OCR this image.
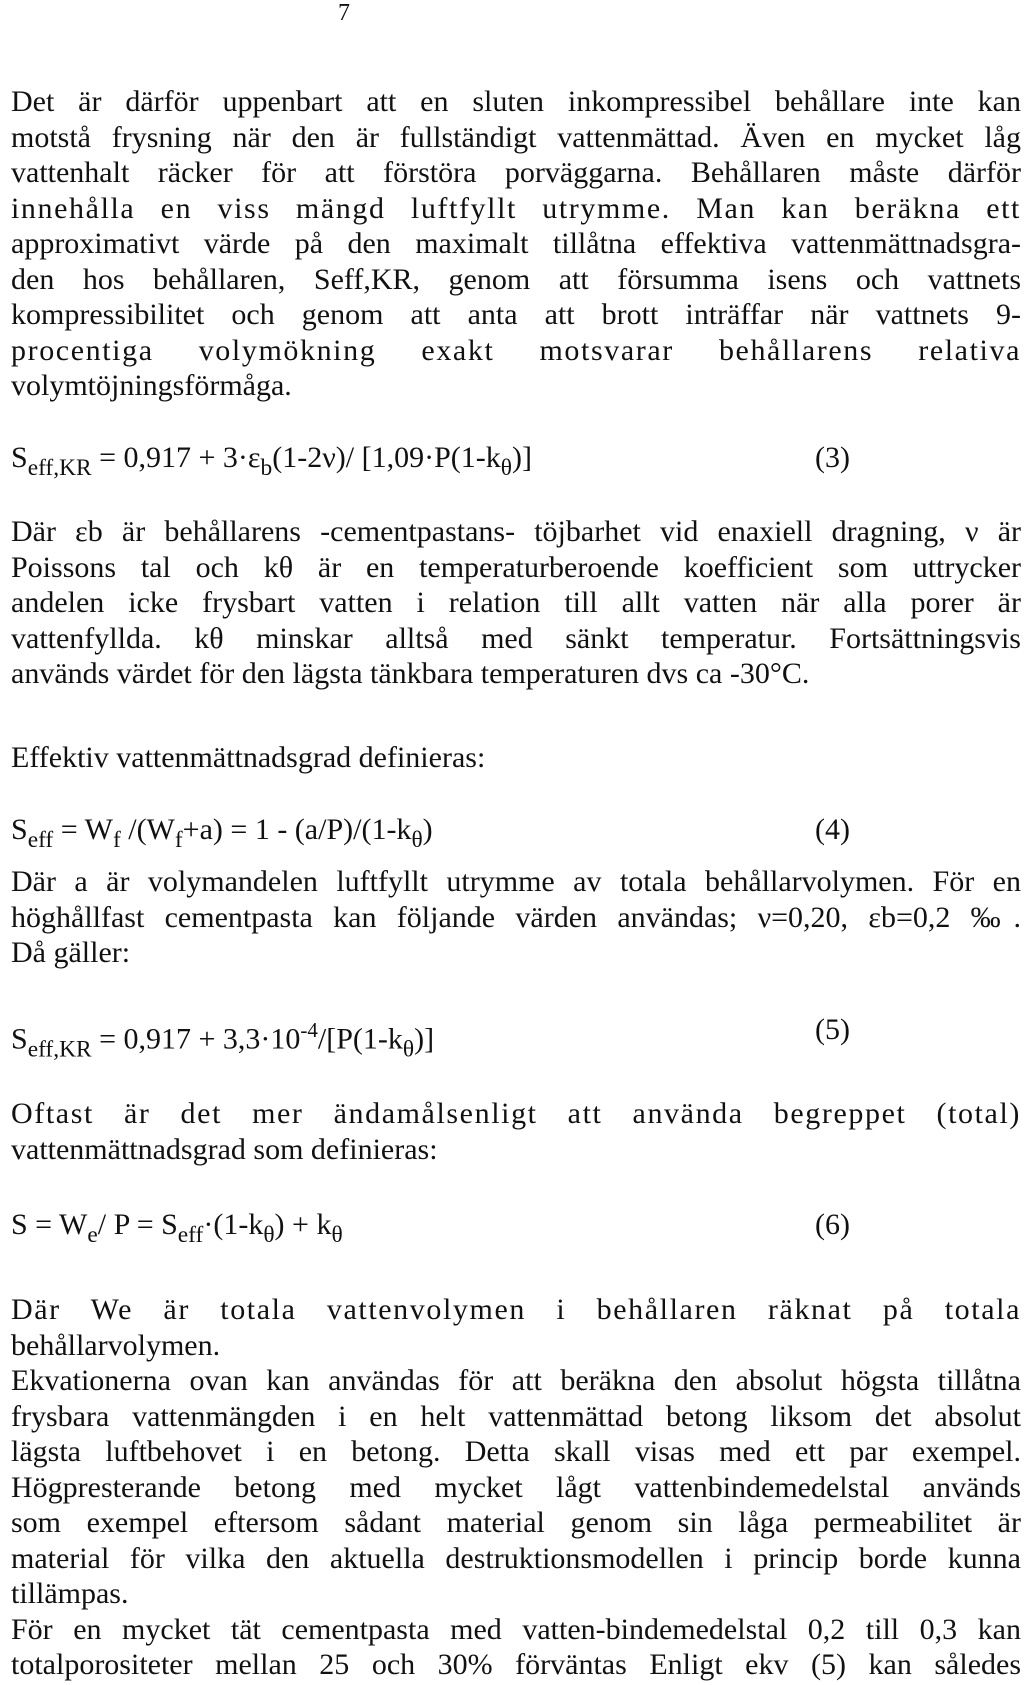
7

Det är därför uppenbart att en sluten inkompressibel behållare inte kan

motstå frysning när den är fullständigt vattenmättad. Även en mycket låg

vattenhalt räcker för att förstöra porväggarna. Behållaren måste därför

innehålla en viss mängd luftfyllt utrymme. Man kan beräkna ett

approximativt värde på den maximalt tillåtna effektiva vattenmättnadsgra-

den hos behållaren, Seff,KR, genom att försumma isens och vattnets

kompressibilitet och genom att anta att brott inträffar när vattnets 9-

procentiga volymökning exakt motsvarar behållarens relativa

volymtöjningsförmåga.

$S_{eff,KR} = 0,917 + 3\cdot\varepsilon_b(1-2\nu)/$ $[1,09\cdot P(1-k_\theta)]$	(3)

Där εb är behållarens -cementpastans- töjbarhet vid enaxiell dragning, ν är

Poissons tal och kθ är en temperaturberoende koefficient som uttrycker

andelen icke frysbart vatten i relation till allt vatten när alla porer är

vattenfyllda. kθ minskar alltså med sänkt temperatur. Fortsättningsvis

används värdet för den lägsta tänkbara temperaturen dvs ca -30°C.

Effektiv vattenmättnadsgrad definieras:
$S_{eff} = W_f$ $/(W_f+a) = 1 - (a/P)/(1-k_\theta)$	(4)

Där a är volymandelen luftfyllt utrymme av totala behållarvolymen. För en

höghållfast cementpasta kan följande värden användas; ν=0,20, εb=0,2 ‰.

Då gäller:

$S_{eff,KR} = 0,917 + 3,3\cdot 10^{-4}/[P(1-k_\theta)]$	(5)

Oftast är det mer ändamålsenligt att använda begreppet (total)

vattenmättnadsgrad som definieras:

$S = W_e/$ $P = S_{eff}\cdot(1-k_\theta) + k_\theta$	(6)

Där We är totala vattenvolymen i behållaren räknat på totala

behållarvolymen.

Ekvationerna ovan kan användas för att beräkna den absolut högsta tillåtna

frysbara vattenmängden i en helt vattenmättad betong liksom det absolut

lägsta luftbehovet i en betong. Detta skall visas med ett par exempel.

Högpresterande betong med mycket lågt vattenbindemedelstal används

som exempel eftersom sådant material genom sin låga permeabilitet är

material för vilka den aktuella destruktionsmodellen i princip borde kunna

tillämpas.

För en mycket tät cementpasta med vatten-bindemedelstal 0,2 till 0,3 kan

totalporositeter mellan 25 och 30% förväntas Enligt ekv (5) kan således
